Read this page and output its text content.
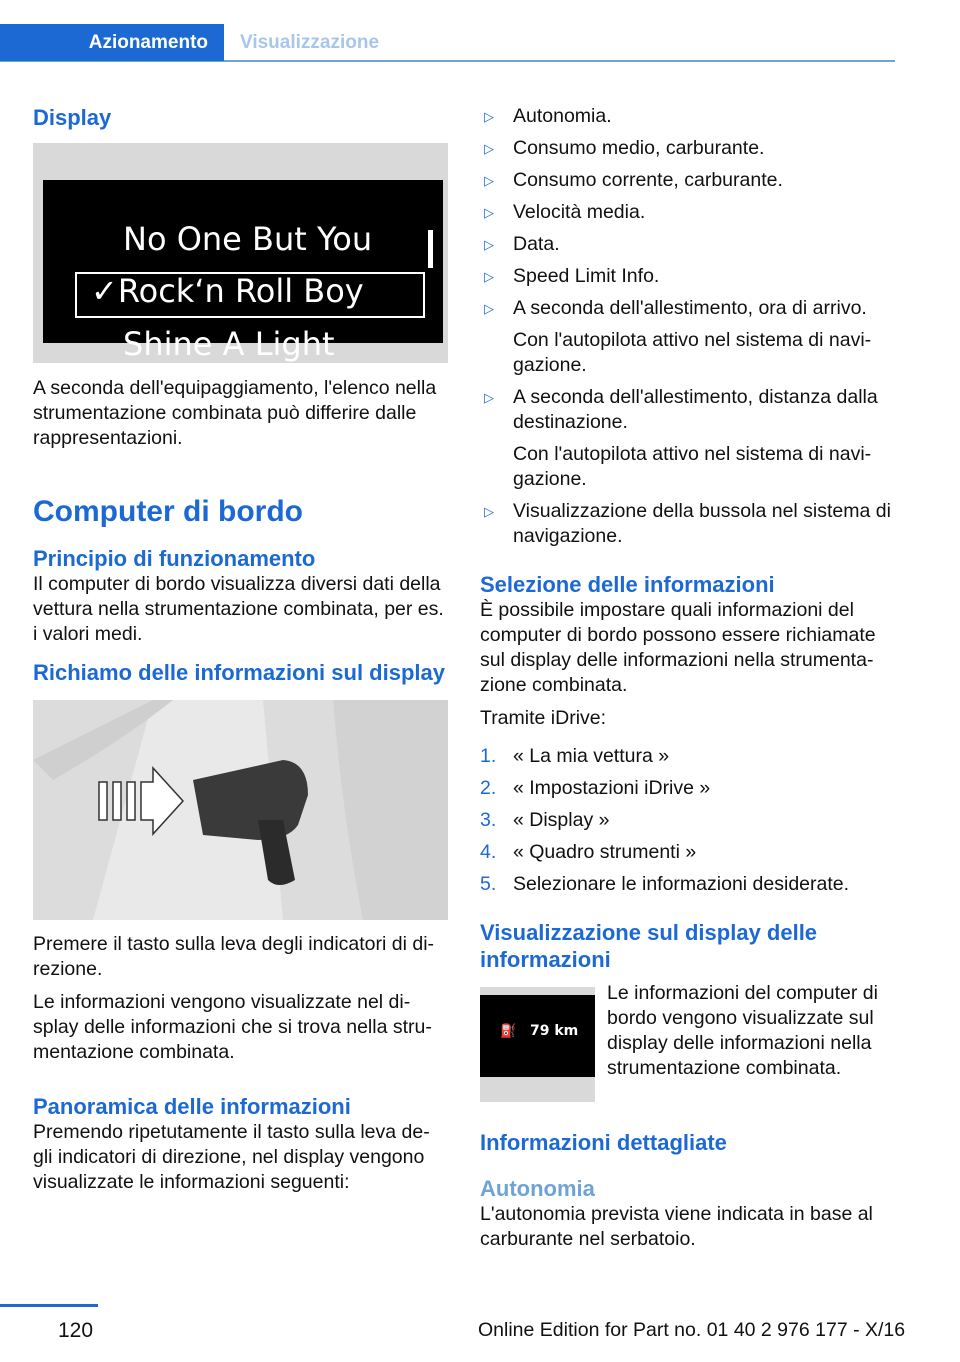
Azionamento	Visualizzazione
Display
No One But You
✓Rock‘n Roll Boy
Shine A Light

A seconda dell'equipaggiamento, l'elenco nella strumentazione combinata può differire dalle rappresentazioni.

Computer di bordo
Principio di funzionamento

Il computer di bordo visualizza diversi dati della vettura nella strumentazione combinata, per es. i valori medi.

Richiamo delle informazioni sul display

Premere il tasto sulla leva degli indicatori di di‐rezione.

Le informazioni vengono visualizzate nel di‐splay delle informazioni che si trova nella stru‐mentazione combinata.

Panoramica delle informazioni

Premendo ripetutamente il tasto sulla leva de‐gli indicatori di direzione, nel display vengono visualizzate le informazioni seguenti:

▷ Autonomia.
▷ Consumo medio, carburante.
▷ Consumo corrente, carburante.
▷ Velocità media.
▷ Data.
▷ Speed Limit Info.
▷ A seconda dell'allestimento, ora di arrivo.
Con l'autopilota attivo nel sistema di navi‐gazione.
▷ A seconda dell'allestimento, distanza dalla destinazione.
Con l'autopilota attivo nel sistema di navi‐gazione.
▷ Visualizzazione della bussola nel sistema di navigazione.
Selezione delle informazioni

È possibile impostare quali informazioni del computer di bordo possono essere richiamate sul display delle informazioni nella strumenta‐zione combinata.

Tramite iDrive:

1. « La mia vettura »
2. « Impostazioni iDrive »
3. « Display »
4. « Quadro strumenti »
5. Selezionare le informazioni desiderate.
Visualizzazione sul display delle informazioni
⛽ 79 km

Le informazioni del computer di bordo vengono visualizzate sul display delle informazioni nella strumentazione combinata.

Informazioni dettagliate
Autonomia

L'autonomia prevista viene indicata in base al carburante nel serbatoio.

120	Online Edition for Part no. 01 40 2 976 177 - X/16
